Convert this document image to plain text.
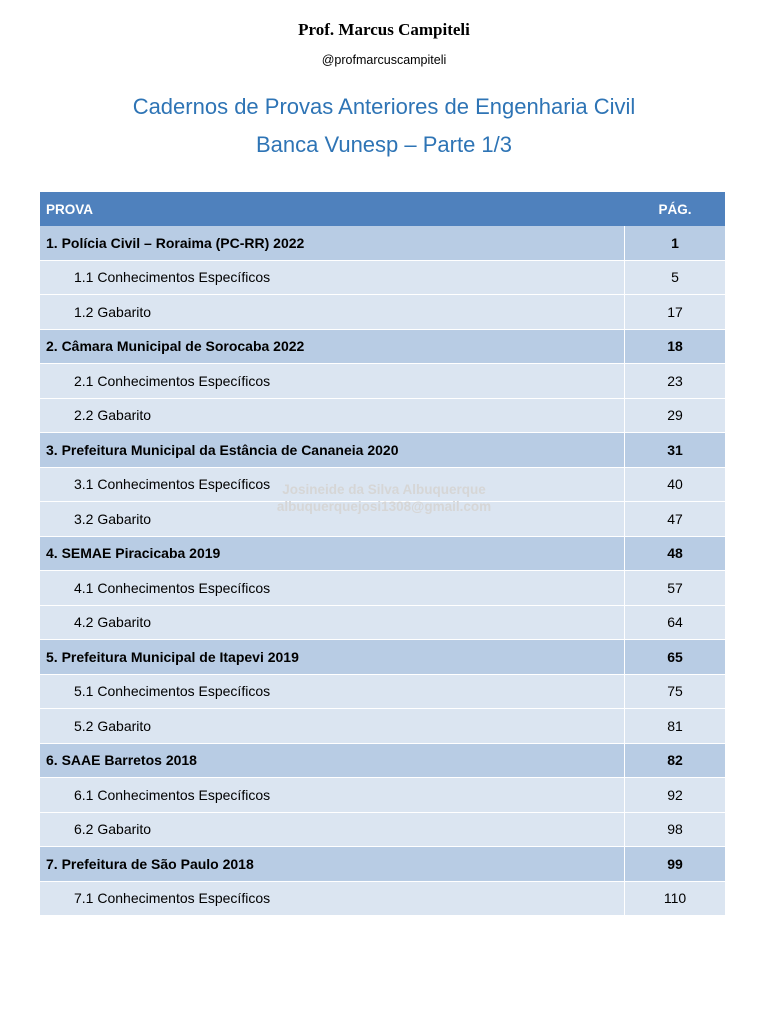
Prof. Marcus Campiteli
@profmarcuscampiteli
Cadernos de Provas Anteriores de Engenharia Civil
Banca Vunesp – Parte 1/3
PROVA	PÁG.
1. Polícia Civil – Roraima (PC-RR) 2022	1
1.1 Conhecimentos Específicos	5
1.2 Gabarito	17
2. Câmara Municipal de Sorocaba 2022	18
2.1 Conhecimentos Específicos	23
2.2 Gabarito	29
3. Prefeitura Municipal da Estância de Cananeia 2020	31
3.1 Conhecimentos Específicos	40
3.2 Gabarito	47
4. SEMAE Piracicaba 2019	48
4.1 Conhecimentos Específicos	57
4.2 Gabarito	64
5. Prefeitura Municipal de Itapevi 2019	65
5.1 Conhecimentos Específicos	75
5.2 Gabarito	81
6. SAAE Barretos 2018	82
6.1 Conhecimentos Específicos	92
6.2 Gabarito	98
7. Prefeitura de São Paulo 2018	99
7.1 Conhecimentos Específicos	110
Josineide da Silva Albuquerque
albuquerquejosi1308@gmail.com
